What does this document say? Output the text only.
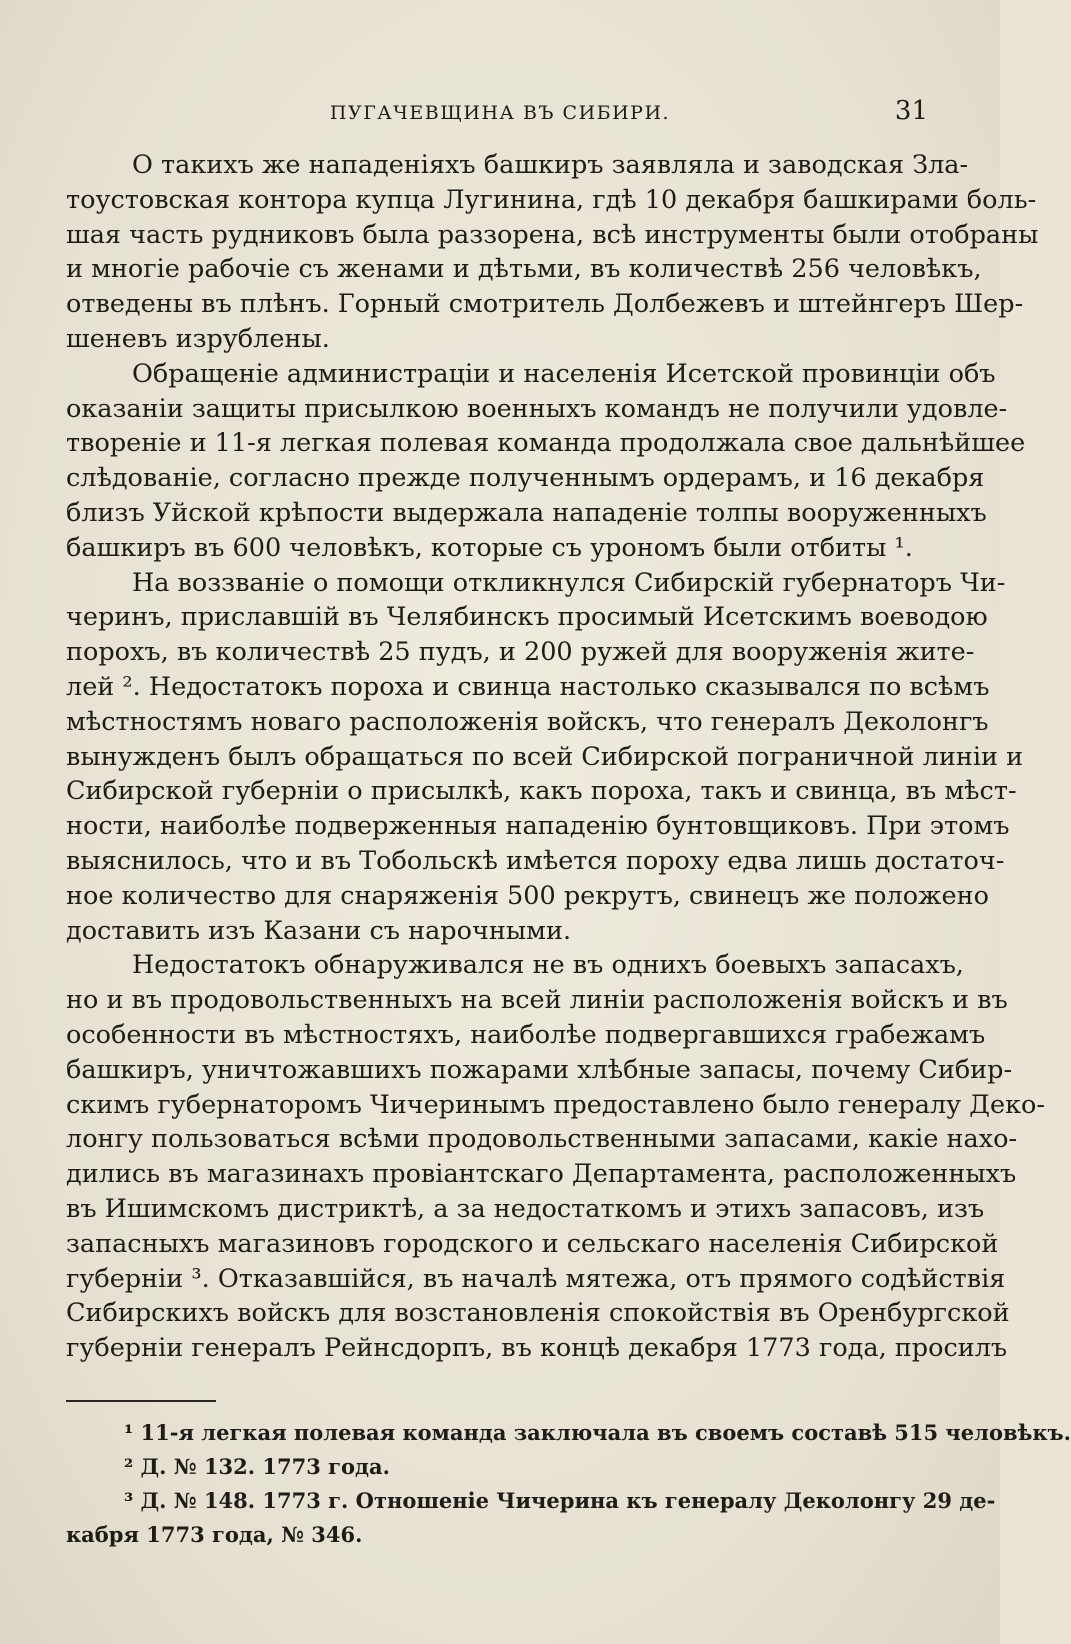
ПУГАЧЕВЩИНА ВЪ СИБИРИ.	31

О такихъ же нападеніяхъ башкиръ заявляла и заводская Зла-
тоустовская контора купца Лугинина, гдѣ 10 декабря башкирами боль-
шая часть рудниковъ была раззорена, всѣ инструменты были отобраны
и многіе рабочіе съ женами и дѣтьми, въ количествѣ 256 человѣкъ,
отведены въ плѣнъ. Горный смотритель Долбежевъ и штейнгеръ Шер-
шеневъ изрублены.

Обращеніе администраціи и населенія Исетской провинціи объ
оказаніи защиты присылкою военныхъ командъ не получили удовле-
твореніе и 11-я легкая полевая команда продолжала свое дальнѣйшее
слѣдованіе, согласно прежде полученнымъ ордерамъ, и 16 декабря
близъ Уйской крѣпости выдержала нападеніе толпы вооруженныхъ
башкиръ въ 600 человѣкъ, которые съ урономъ были отбиты ¹.

На воззваніе о помощи откликнулся Сибирскій губернаторъ Чи-
черинъ, приславшій въ Челябинскъ просимый Исетскимъ воеводою
порохъ, въ количествѣ 25 пудъ, и 200 ружей для вооруженія жите-
лей ². Недостатокъ пороха и свинца настолько сказывался по всѣмъ
мѣстностямъ новаго расположенія войскъ, что генералъ Деколонгъ
вынужденъ былъ обращаться по всей Сибирской пограничной линіи и
Сибирской губерніи о присылкѣ, какъ пороха, такъ и свинца, въ мѣст-
ности, наиболѣе подверженныя нападенію бунтовщиковъ. При этомъ
выяснилось, что и въ Тобольскѣ имѣется пороху едва лишь достаточ-
ное количество для снаряженія 500 рекрутъ, свинецъ же положено
доставить изъ Казани съ нарочными.

Недостатокъ обнаруживался не въ однихъ боевыхъ запасахъ,
но и въ продовольственныхъ на всей линіи расположенія войскъ и въ
особенности въ мѣстностяхъ, наиболѣе подвергавшихся грабежамъ
башкиръ, уничтожавшихъ пожарами хлѣбные запасы, почему Сибир-
скимъ губернаторомъ Чичеринымъ предоставлено было генералу Деко-
лонгу пользоваться всѣми продовольственными запасами, какіе нахо-
дились въ магазинахъ провіантскаго Департамента, расположенныхъ
въ Ишимскомъ дистриктѣ, а за недостаткомъ и этихъ запасовъ, изъ
запасныхъ магазиновъ городского и сельскаго населенія Сибирской
губерніи ³. Отказавшійся, въ началѣ мятежа, отъ прямого содѣйствія
Сибирскихъ войскъ для возстановленія спокойствія въ Оренбургской
губерніи генералъ Рейнсдорпъ, въ концѣ декабря 1773 года, просилъ

¹ 11-я легкая полевая команда заключала въ своемъ составѣ 515 человѣкъ.
² Д. № 132. 1773 года.
³ Д. № 148. 1773 г. Отношеніе Чичерина къ генералу Деколонгу 29 де-
кабря 1773 года, № 346.
